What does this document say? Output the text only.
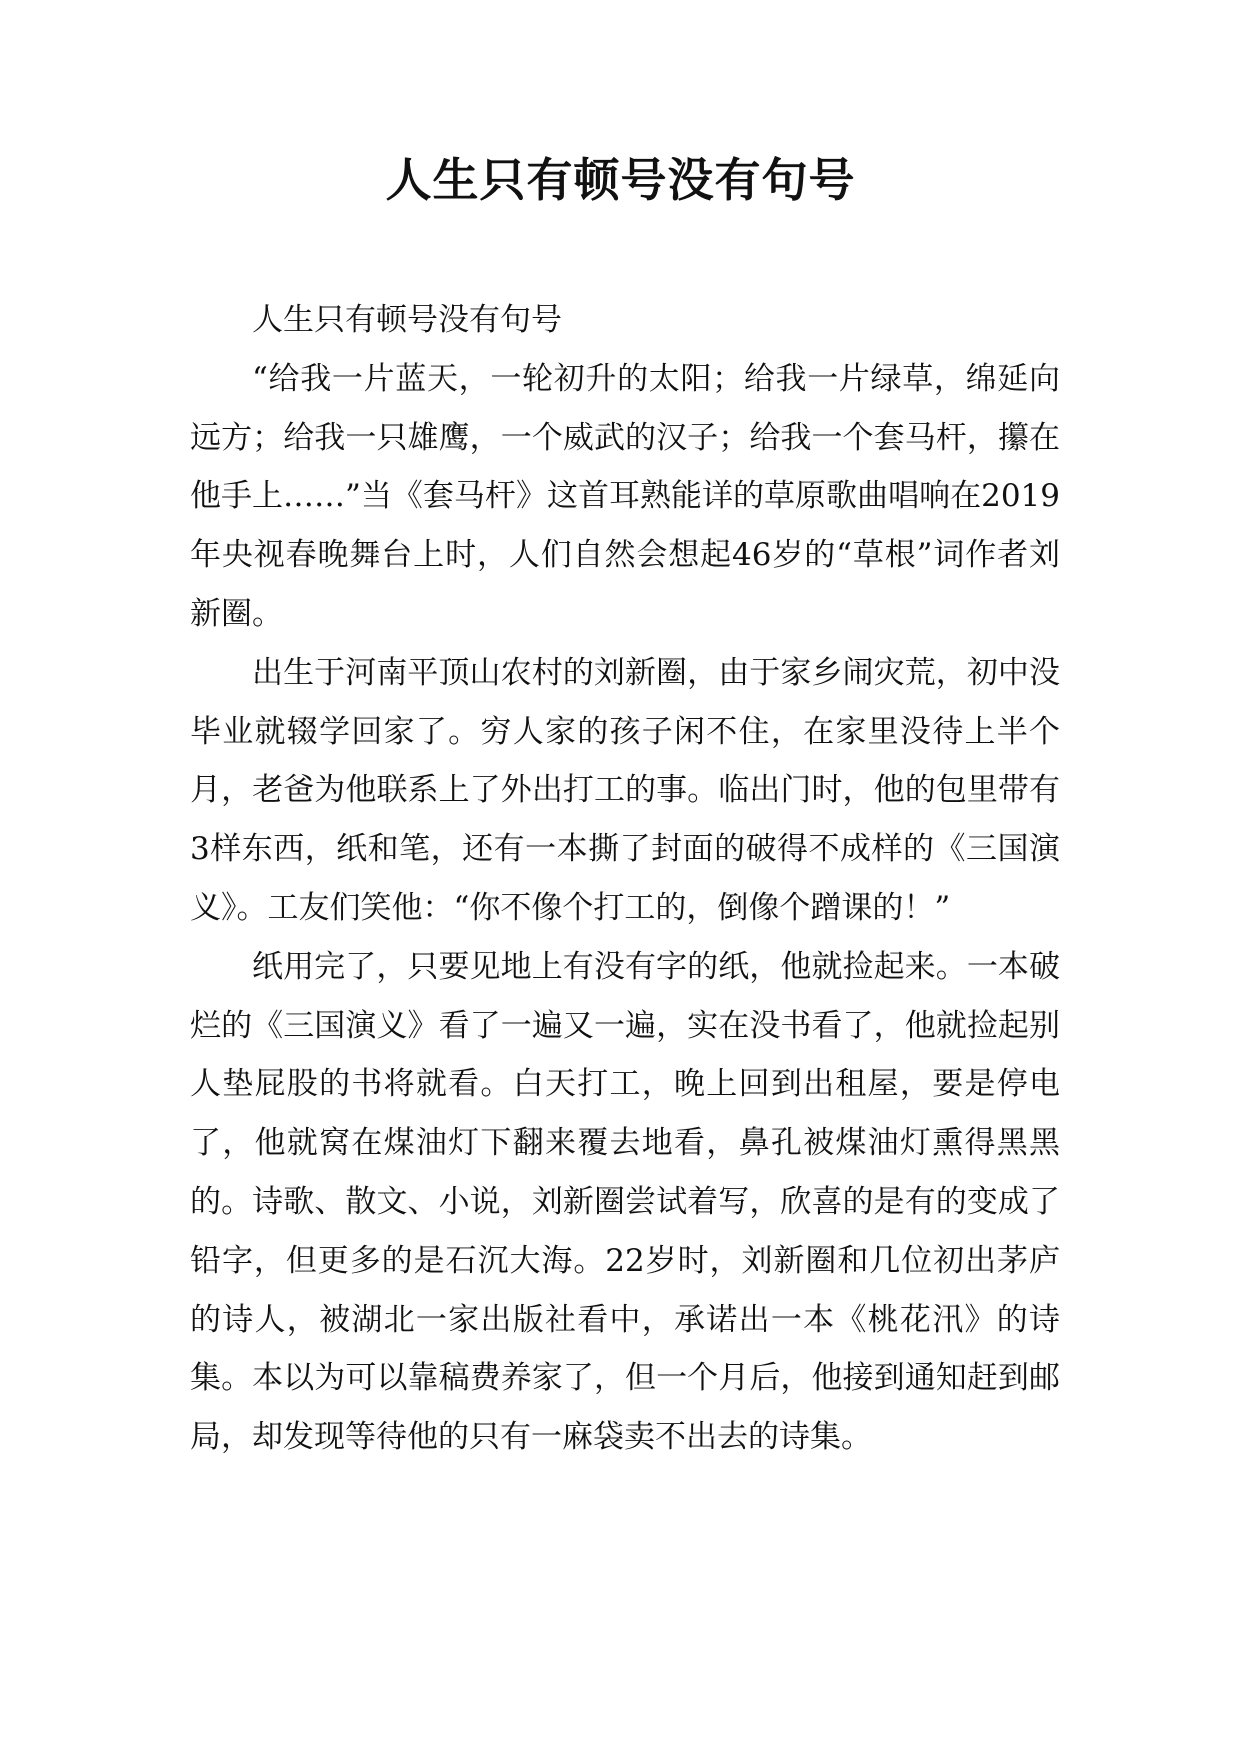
人生只有顿号没有句号

人生只有顿号没有句号

“给我一片蓝天，一轮初升的太阳；给我一片绿草，绵延向远方；给我一只雄鹰，一个威武的汉子；给我一个套马杆，攥在他手上……”当《套马杆》这首耳熟能详的草原歌曲唱响在2019年央视春晚舞台上时，人们自然会想起46岁的“草根”词作者刘新圈。

出生于河南平顶山农村的刘新圈，由于家乡闹灾荒，初中没毕业就辍学回家了。穷人家的孩子闲不住，在家里没待上半个月，老爸为他联系上了外出打工的事。临出门时，他的包里带有3样东西，纸和笔，还有一本撕了封面的破得不成样的《三国演义》。工友们笑他：“你不像个打工的，倒像个蹭课的！”

纸用完了，只要见地上有没有字的纸，他就捡起来。一本破烂的《三国演义》看了一遍又一遍，实在没书看了，他就捡起别人垫屁股的书将就看。白天打工，晚上回到出租屋，要是停电了，他就窝在煤油灯下翻来覆去地看，鼻孔被煤油灯熏得黑黑的。诗歌、散文、小说，刘新圈尝试着写，欣喜的是有的变成了铅字，但更多的是石沉大海。22岁时，刘新圈和几位初出茅庐的诗人，被湖北一家出版社看中，承诺出一本《桃花汛》的诗集。本以为可以靠稿费养家了，但一个月后，他接到通知赶到邮局，却发现等待他的只有一麻袋卖不出去的诗集。
